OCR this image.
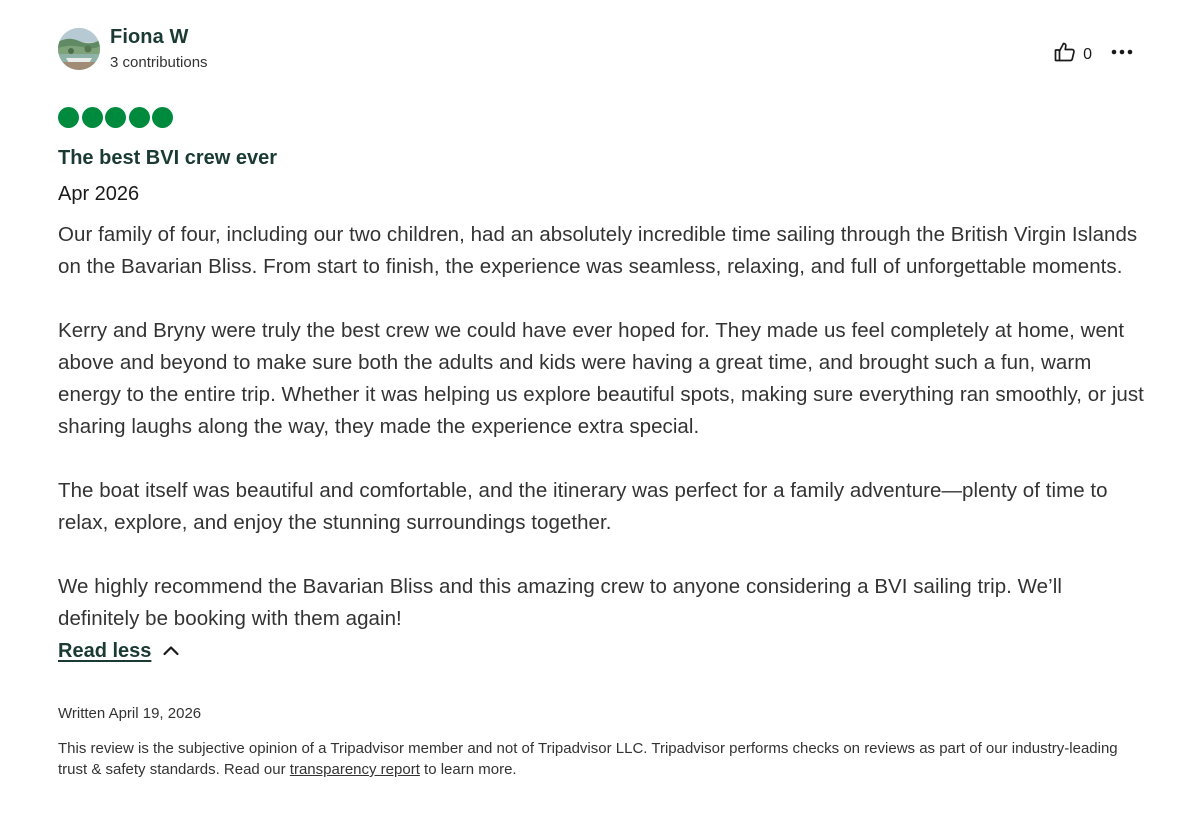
Fiona W
3 contributions	0
The best BVI crew ever
Apr 2026

Our family of four, including our two children, had an absolutely incredible time sailing through the British Virgin Islands on the Bavarian Bliss. From start to finish, the experience was seamless, relaxing, and full of unforgettable moments.

Kerry and Bryny were truly the best crew we could have ever hoped for. They made us feel completely at home, went above and beyond to make sure both the adults and kids were having a great time, and brought such a fun, warm energy to the entire trip. Whether it was helping us explore beautiful spots, making sure everything ran smoothly, or just sharing laughs along the way, they made the experience extra special.

The boat itself was beautiful and comfortable, and the itinerary was perfect for a family adventure—plenty of time to relax, explore, and enjoy the stunning surroundings together.

We highly recommend the Bavarian Bliss and this amazing crew to anyone considering a BVI sailing trip. We’ll definitely be booking with them again!

Read less
Written April 19, 2026
This review is the subjective opinion of a Tripadvisor member and not of Tripadvisor LLC. Tripadvisor performs checks on reviews as part of our industry-leading trust & safety standards. Read our transparency report to learn more.
